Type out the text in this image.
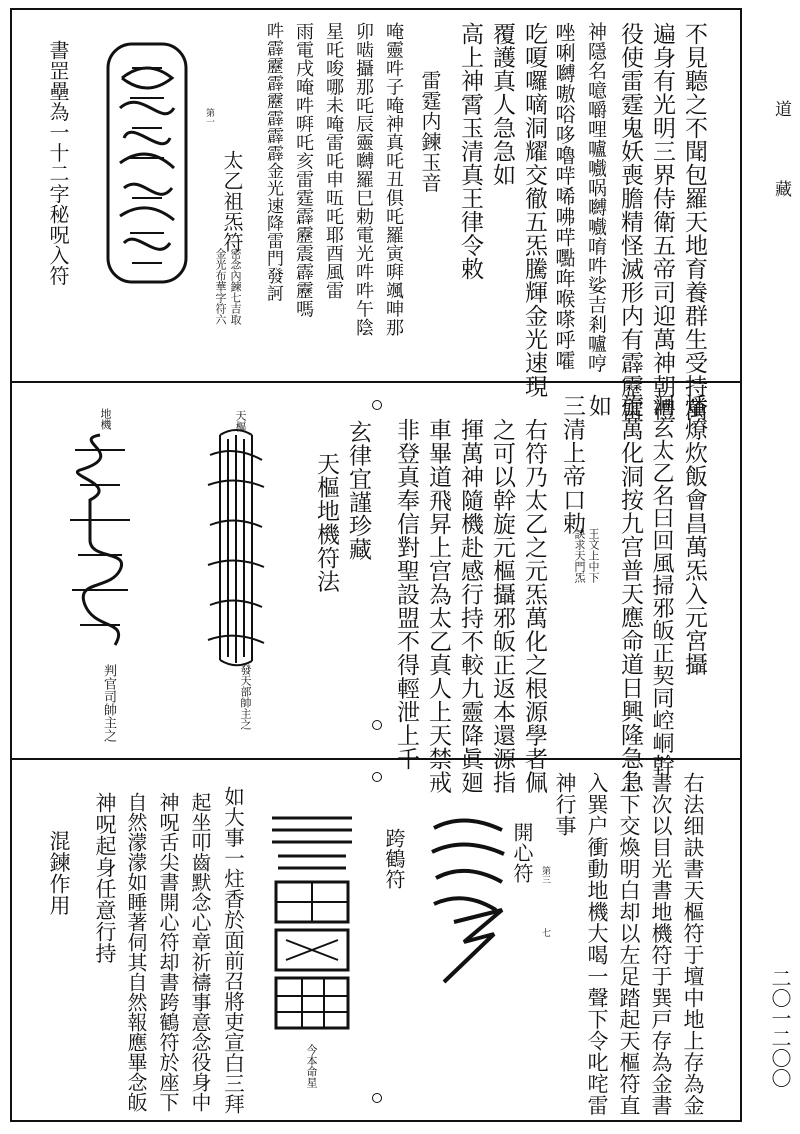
道
藏
二〇一二〇〇
不見聽之不聞包羅天地育養群生受持萬
遍身有光明三界侍衛五帝司迎萬神朝禮
役使雷霆鬼妖喪膽精怪滅形内有霹靂雷
神隱名噫嚼哩嚧嚱㖞嚩嚱唷吽娑吉剎嚧哼
唑唎嚩嗷唂哆嚕哶唏咈哶嚸哖喉嗏呼嚯
吃嗄囉嘀洞耀交徹五炁騰輝金光速現
覆護真人急急如
高上神霄玉清真王律令敕
雷霆内鍊玉音
唵靈吽子唵神真吒丑俱吒羅寅㗑颯呻那
卯啮攝那吒辰靈嚩羅巳勅電光吽吽午陰
星吒唆哪未唵雷吒申㕶吒耶酉風雷
雨電戌唵吽㗑吒亥雷霆霹靂震霹靂嗎
吽霹靂霹靂霹霹霹金光速降雷門發訶
太乙祖炁符
第一
密念內鍊七吉取
金光布華字符六
書罡壘為一十二字秘呪入符
燔燎炊飯會昌萬炁入元宮攝
洞玄太乙名曰回風掃邪皈正契同崆峒幹
旋萬化洞按九宫普天應命道日興隆急急
如
三清上帝口勅
王文上中下
訣求天門炁
右符乃太乙之元炁萬化之根源學者佩
之可以幹旋元樞攝邪皈正返本還源指
揮萬神隨機赴感行持不較九靈降眞廻
車畢道飛昇上宫為太乙真人上天禁戒
非登真奉信對聖設盟不得輕泄上千
玄律宜謹珍藏
天樞地機符法
天樞
發天部帥主之
地機
判官司帥主之
右法细訣書天樞符于壇中地上存為金
書次以目光書地機符于巽戸存為金書
上下交煥明白却以左足踏起天樞符直
入巽户衝動地機大喝一聲下令叱咤雷
神行事
開心符 第三
七
跨鶴符
今本命星
如大事一炷香於面前召將吏宣白三拜
起坐叩齒默念心章祈禱事意念役身中
神呪舌尖書開心符却書跨鶴符於座下
自然濛濛如睡著伺其自然報應畢念皈
神呪起身任意行持
混鍊作用
